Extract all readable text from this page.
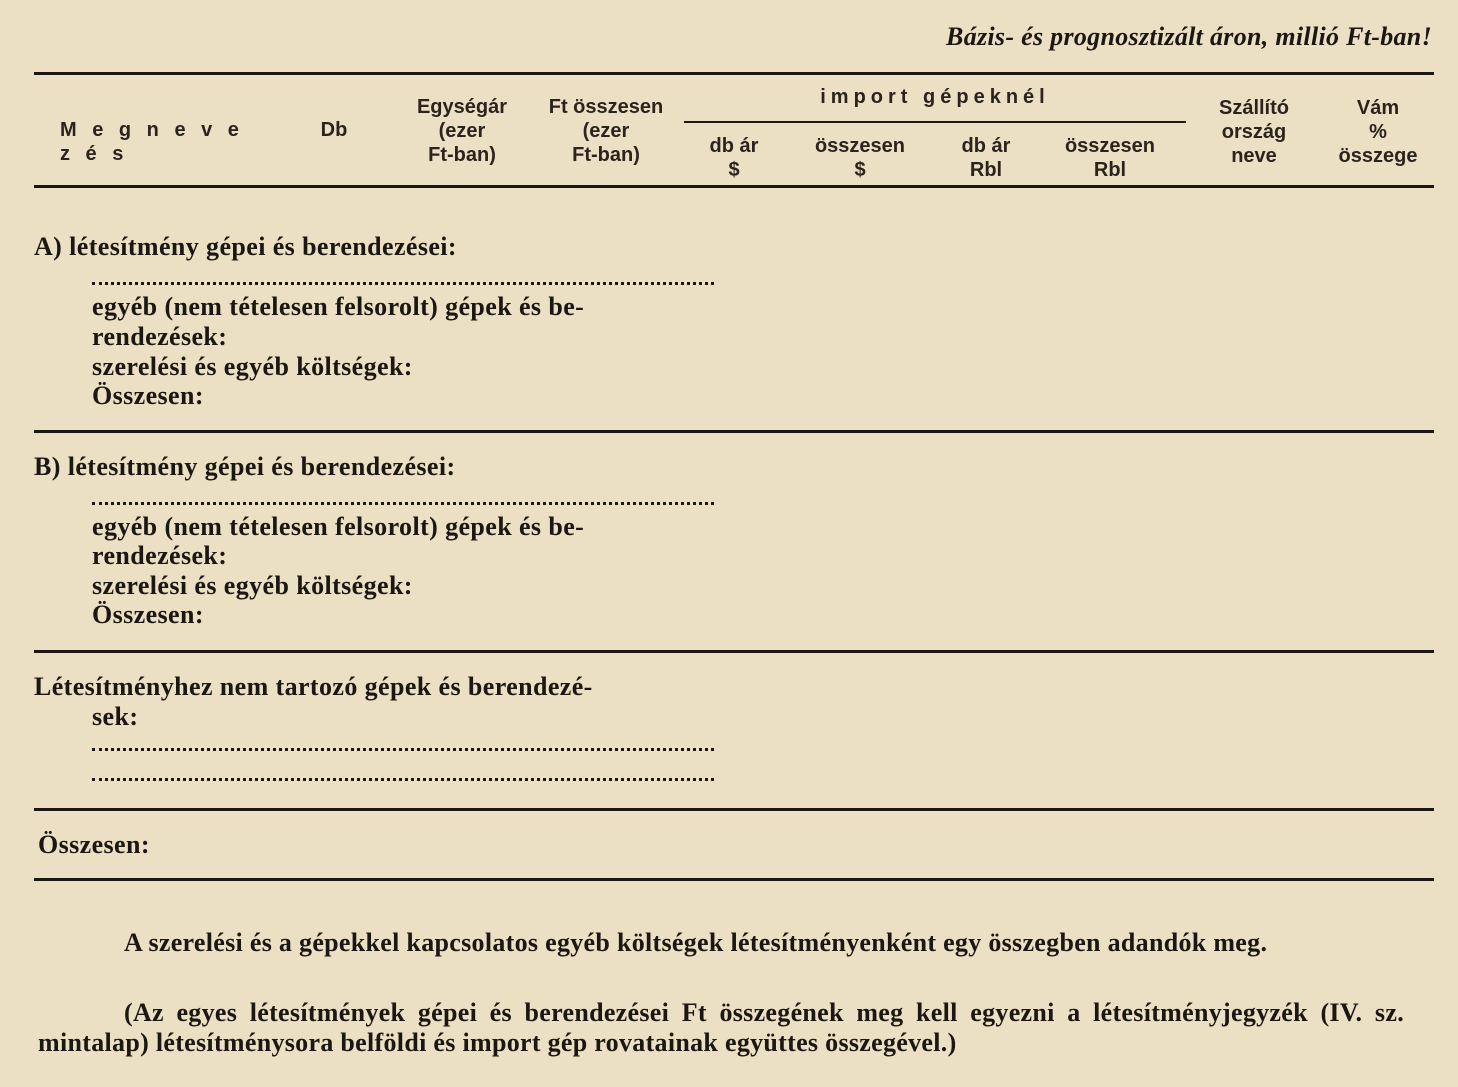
Bázis- és prognosztizált áron, millió Ft-ban!
M e g n e v e z é s
Db
Egységár
(ezer
Ft-ban)
Ft összesen
(ezer
Ft-ban)
import gépeknél
db ár
$
összesen
$
db ár
Rbl
összesen
Rbl
Szállító
ország
neve
Vám
%
összege
A) létesítmény gépei és berendezései:
egyéb (nem tételesen felsorolt) gépek és be-
rendezések:
szerelési és egyéb költségek:
Összesen:
B) létesítmény gépei és berendezései:
egyéb (nem tételesen felsorolt) gépek és be-
rendezések:
szerelési és egyéb költségek:
Összesen:
Létesítményhez nem tartozó gépek és berendezé-
sek:
Összesen:
A szerelési és a gépekkel kapcsolatos egyéb költségek létesítményenként egy összegben adandók meg.
(Az egyes létesítmények gépei és berendezései Ft összegének meg kell egyezni a létesítményjegyzék (IV. sz. mintalap) létesítménysora belföldi és import gép rovatainak együttes összegével.)
